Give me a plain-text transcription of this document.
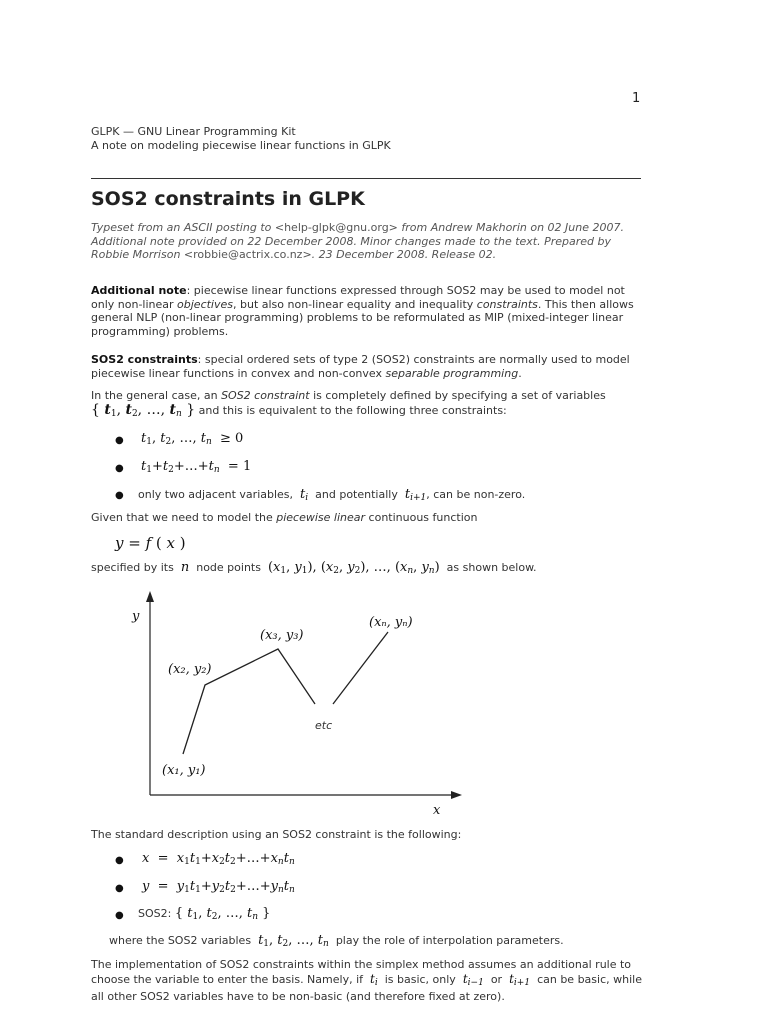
1
GLPK — GNU Linear Programming Kit
A note on modeling piecewise linear functions in GLPK
SOS2 constraints in GLPK
Typeset from an ASCII posting to <help-glpk@gnu.org> from Andrew Makhorin on 02 June 2007. Additional note provided on 22 December 2008. Minor changes made to the text. Prepared by Robbie Morrison <robbie@actrix.co.nz>. 23 December 2008. Release 02.
Additional note: piecewise linear functions expressed through SOS2 may be used to model not only non-linear objectives, but also non-linear equality and inequality constraints. This then allows general NLP (non-linear programming) problems to be reformulated as MIP (mixed-integer linear programming) problems.
SOS2 constraints: special ordered sets of type 2 (SOS2) constraints are normally used to model piecewise linear functions in convex and non-convex separable programming.
In the general case, an SOS2 constraint is completely defined by specifying a set of variables
{ t1, t2, …, $t_n$ } and this is equivalent to the following three constraints:
● t1, t2, …, $t_n \ge 0$
● $t1+t2+\dots+t_n = 1$
● only two adjacent variables, $t_i$ and potentially $t_{i+1}$, can be non-zero.
Given that we need to model the piecewise linear continuous function
y = f ( x )
specified by its n node points (x1, y1), (x2, y2), …, ($x_n$, $y_n$) as shown below.
y
x
(x₁, y₁)
(x₂, y₂)
(x₃, y₃)
(xₙ, yₙ)
etc
The standard description using an SOS2 constraint is the following:
● $x = x1t1+x2t2+\dots+x_nt_n$
● $y = y1t1+y2t2+\dots+y_nt_n$
● SOS2: { t1, t2, …, $t_n$ }
where the SOS2 variables t1, t2, …, $t_n$ play the role of interpolation parameters.
The implementation of SOS2 constraints within the simplex method assumes an additional rule to choose the variable to enter the basis. Namely, if $t_i$ is basic, only $t_{i-1}$ or $t_{i+1}$ can be basic, while all other SOS2 variables have to be non-basic (and therefore fixed at zero).
